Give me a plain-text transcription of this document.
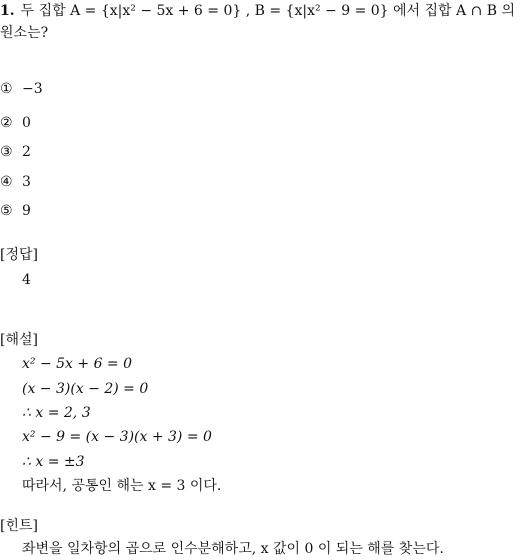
1. 두 집합 A = {x|x² − 5x + 6 = 0} , B = {x|x² − 9 = 0} 에서 집합 A ∩ B 의
원소는?
① −3
② 0
③ 2
④ 3
⑤ 9
[정답]
4
[해설]
x² − 5x + 6 = 0
(x − 3)(x − 2) = 0
∴ x = 2, 3
x² − 9 = (x − 3)(x + 3) = 0
∴ x = ±3
따라서, 공통인 해는 x = 3 이다.
[힌트]
좌변을 일차항의 곱으로 인수분해하고, x 값이 0 이 되는 해를 찾는다.
